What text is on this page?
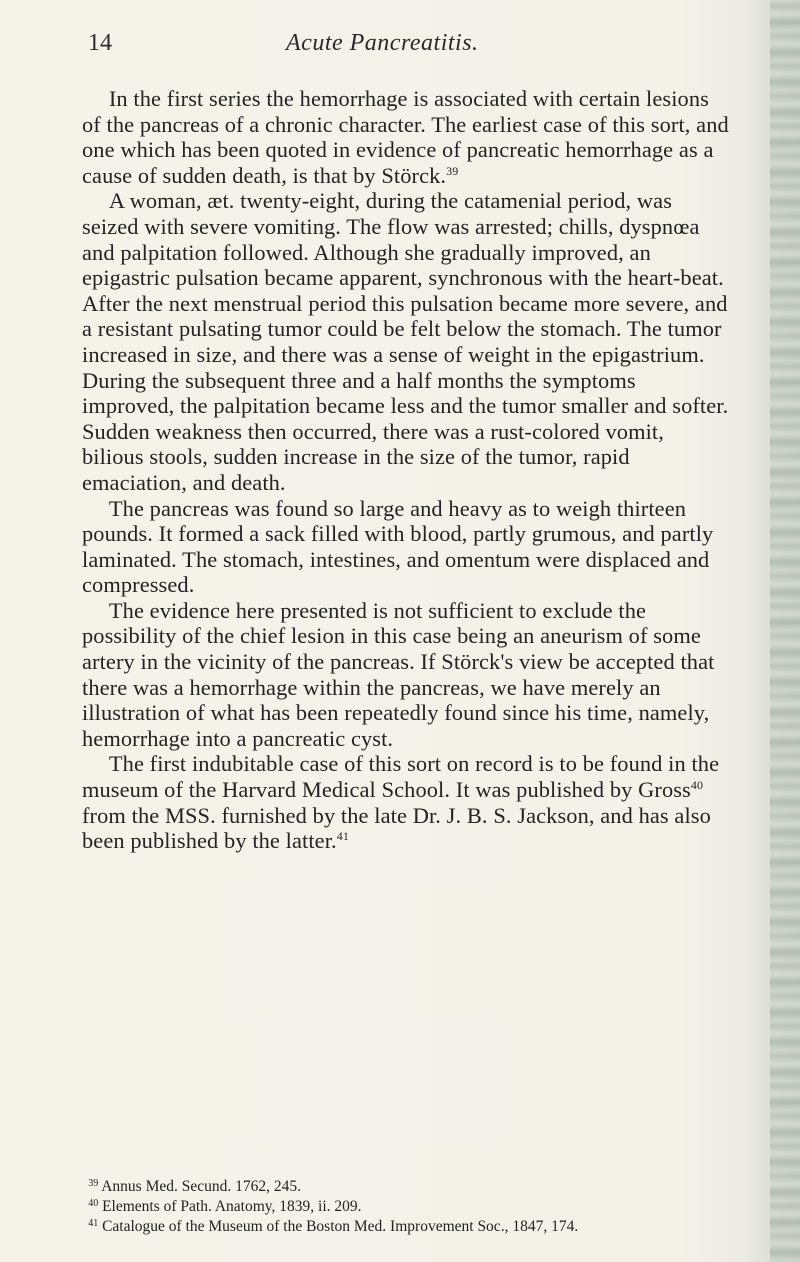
14	Acute Pancreatitis.

In the first series the hemorrhage is associated with certain lesions of the pancreas of a chronic character. The earliest case of this sort, and one which has been quoted in evidence of pancreatic hemorrhage as a cause of sudden death, is that by Störck.$^{39}$

A woman, æt. twenty-eight, during the catamenial period, was seized with severe vomiting. The flow was arrested; chills, dyspnœa and palpitation followed. Although she gradually improved, an epigastric pulsation became apparent, synchronous with the heart-beat. After the next menstrual period this pulsation became more severe, and a resistant pulsating tumor could be felt below the stomach. The tumor increased in size, and there was a sense of weight in the epigastrium. During the subsequent three and a half months the symptoms improved, the palpitation became less and the tumor smaller and softer. Sudden weakness then occurred, there was a rust-colored vomit, bilious stools, sudden increase in the size of the tumor, rapid emaciation, and death.

The pancreas was found so large and heavy as to weigh thirteen pounds. It formed a sack filled with blood, partly grumous, and partly laminated. The stomach, intestines, and omentum were displaced and compressed.

The evidence here presented is not sufficient to exclude the possibility of the chief lesion in this case being an aneurism of some artery in the vicinity of the pancreas. If Störck's view be accepted that there was a hemorrhage within the pancreas, we have merely an illustration of what has been repeatedly found since his time, namely, hemorrhage into a pancreatic cyst.

The first indubitable case of this sort on record is to be found in the museum of the Harvard Medical School. It was published by Gross$^{40}$ from the MSS. furnished by the late Dr. J. B. S. Jackson, and has also been published by the latter.$^{41}$

$^{39}$ Annus Med. Secund. 1762, 245.

$^{40}$ Elements of Path. Anatomy, 1839, ii. 209.

$^{41}$ Catalogue of the Museum of the Boston Med. Improvement Soc., 1847, 174.
